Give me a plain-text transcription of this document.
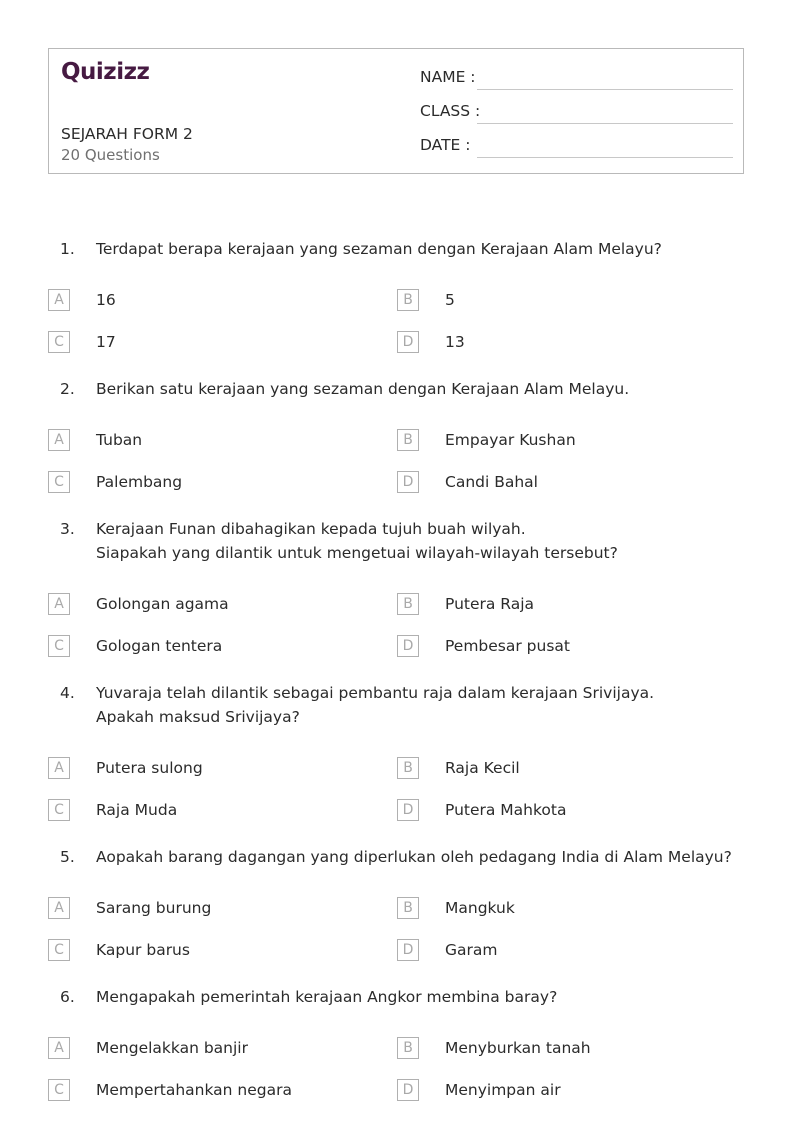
Quizizz
SEJARAH FORM 2
20 Questions
NAME :
CLASS :
DATE :
1. Terdapat berapa kerajaan yang sezaman dengan Kerajaan Alam Melayu?
A	16	B	5
C	17	D	13
2. Berikan satu kerajaan yang sezaman dengan Kerajaan Alam Melayu.
A	Tuban	B	Empayar Kushan
C	Palembang	D	Candi Bahal
3. Kerajaan Funan dibahagikan kepada tujuh buah wilyah.
Siapakah yang dilantik untuk mengetuai wilayah-wilayah tersebut?
A	Golongan agama	B	Putera Raja
C	Gologan tentera	D	Pembesar pusat
4. Yuvaraja telah dilantik sebagai pembantu raja dalam kerajaan Srivijaya.
Apakah maksud Srivijaya?
A	Putera sulong	B	Raja Kecil
C	Raja Muda	D	Putera Mahkota
5. Aopakah barang dagangan yang diperlukan oleh pedagang India di Alam Melayu?
A	Sarang burung	B	Mangkuk
C	Kapur barus	D	Garam
6. Mengapakah pemerintah kerajaan Angkor membina baray?
A	Mengelakkan banjir	B	Menyburkan tanah
C	Mempertahankan negara	D	Menyimpan air
